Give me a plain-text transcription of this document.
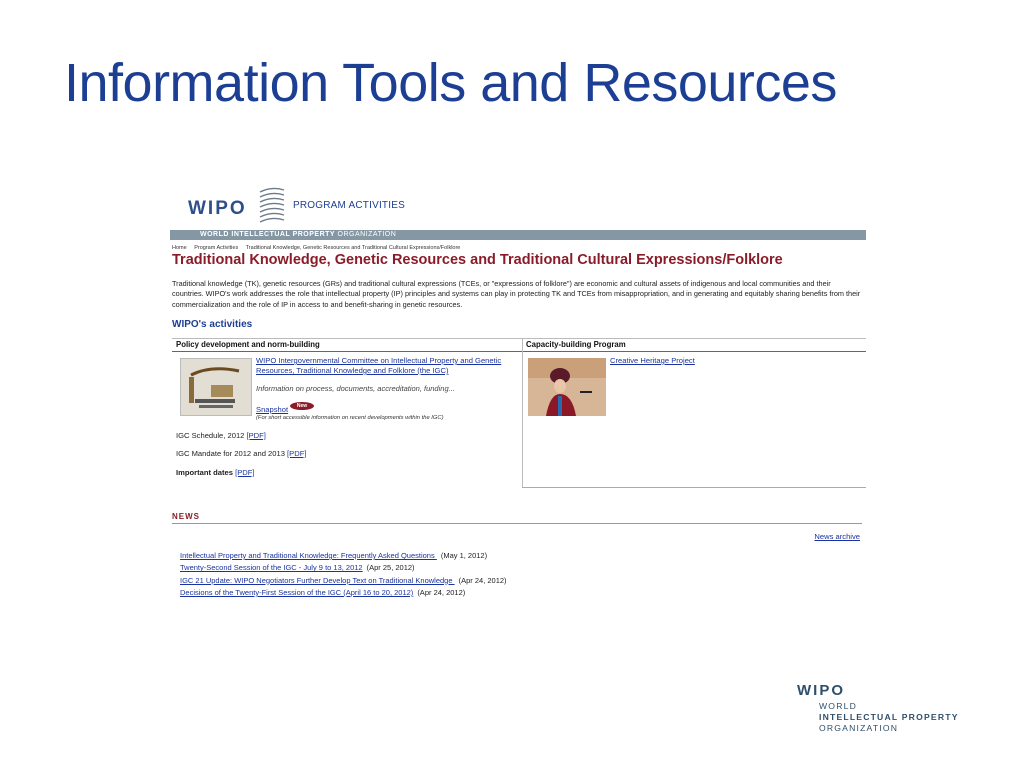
Information Tools and Resources
WIPO	PROGRAM ACTIVITIES
WORLD INTELLECTUAL PROPERTY ORGANIZATION
Home Program Activities Traditional Knowledge, Genetic Resources and Traditional Cultural Expressions/Folklore
Traditional Knowledge, Genetic Resources and Traditional Cultural Expressions/Folklore
Traditional knowledge (TK), genetic resources (GRs) and traditional cultural expressions (TCEs, or "expressions of folklore") are economic and cultural assets of indigenous and local communities and their countries. WIPO's work addresses the role that intellectual property (IP) principles and systems can play in protecting TK and TCEs from misappropriation, and in generating and equitably sharing benefits from their commercialization and the role of IP in access to and benefit-sharing in genetic resources.
WIPO's activities
Policy development and norm-building	Capacity-building Program
WIPO Intergovernmental Committee on Intellectual Property and Genetic Resources, Traditional Knowledge and Folklore (the IGC)
Information on process, documents, accreditation, funding...
Snapshot	New
(For short accessible information on recent developments within the IGC)
IGC Schedule, 2012 [PDF]
IGC Mandate for 2012 and 2013 [PDF]
Important dates [PDF]
Creative Heritage Project
NEWS
News archive
Intellectual Property and Traditional Knowledge: Frequently Asked Questions (May 1, 2012)
Twenty-Second Session of the IGC - July 9 to 13, 2012 (Apr 25, 2012)
IGC 21 Update: WIPO Negotiators Further Develop Text on Traditional Knowledge (Apr 24, 2012)
Decisions of the Twenty-First Session of the IGC (April 16 to 20, 2012) (Apr 24, 2012)
WIPO
WORLD
INTELLECTUAL PROPERTY
ORGANIZATION
